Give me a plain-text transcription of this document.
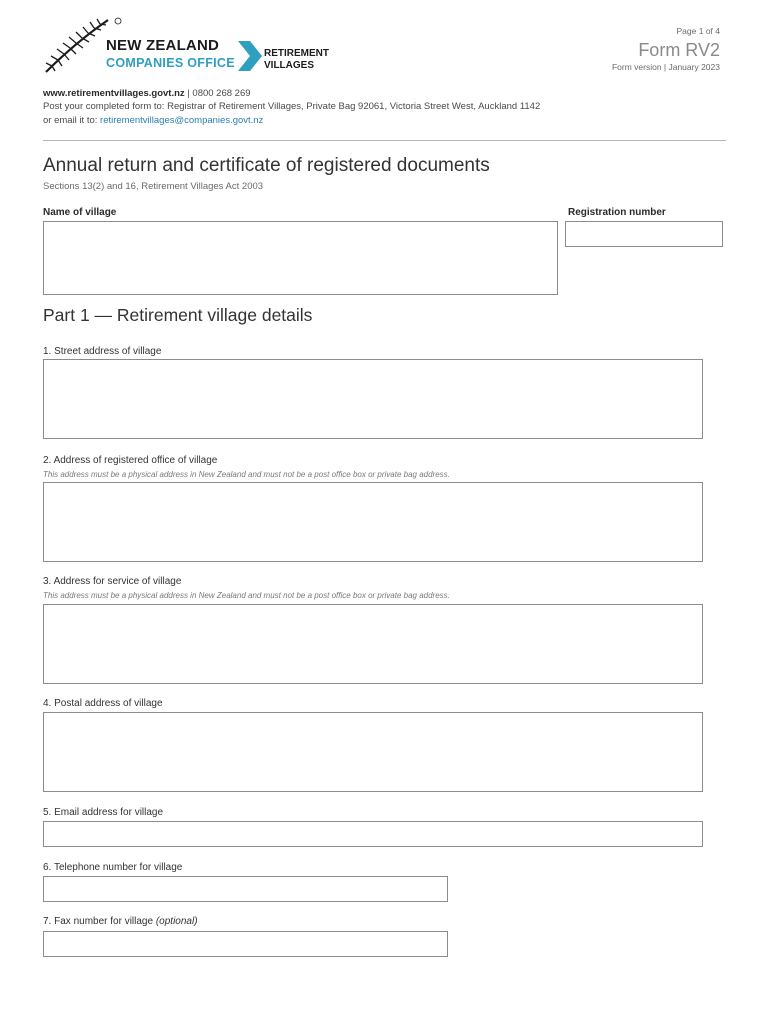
NEW ZEALAND
COMPANIES OFFICE
RETIREMENT
VILLAGES
Page 1 of 4
Form RV2
Form version | January 2023
www.retirementvillages.govt.nz | 0800 268 269
Post your completed form to: Registrar of Retirement Villages, Private Bag 92061, Victoria Street West, Auckland 1142
or email it to: retirementvillages@companies.govt.nz
Annual return and certificate of registered documents
Sections 13(2) and 16, Retirement Villages Act 2003
Name of village	Registration number
Part 1 — Retirement village details
1. Street address of village
2. Address of registered office of village
This address must be a physical address in New Zealand and must not be a post office box or private bag address.
3. Address for service of village
This address must be a physical address in New Zealand and must not be a post office box or private bag address.
4. Postal address of village
5. Email address for village
6. Telephone number for village
7. Fax number for village (optional)
